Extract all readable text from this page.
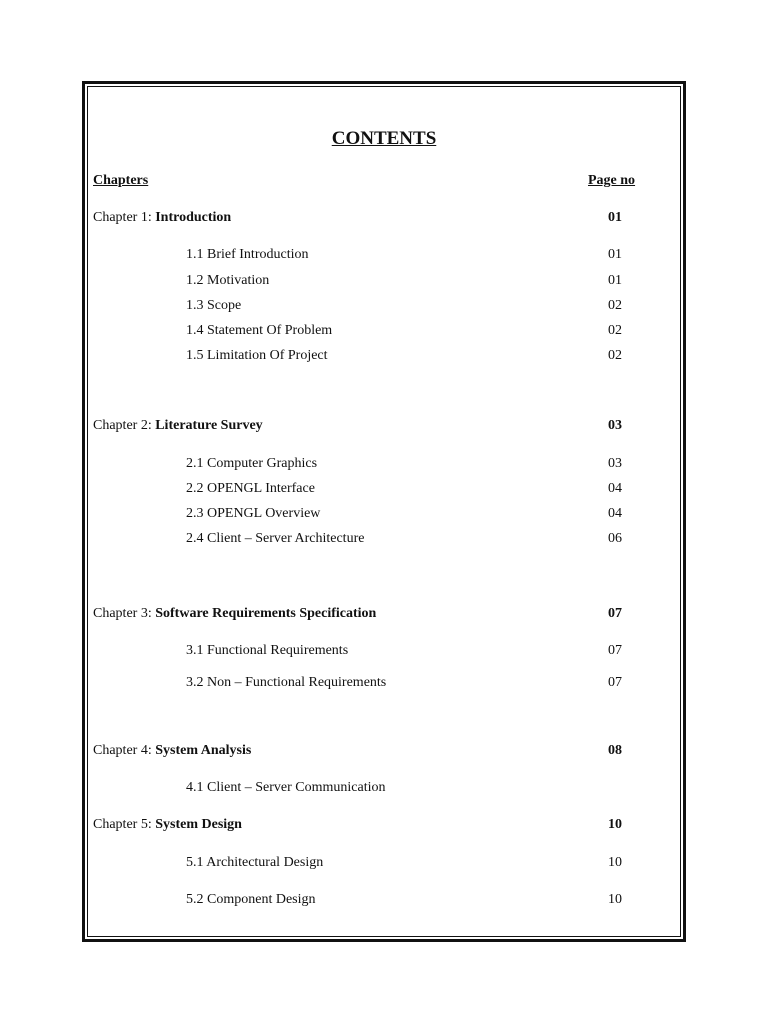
CONTENTS
Chapters	Page no
Chapter 1: Introduction	01
1.1 Brief Introduction	01
1.2 Motivation	01
1.3 Scope	02
1.4 Statement Of Problem	02
1.5 Limitation Of Project	02
Chapter 2: Literature Survey	03
2.1 Computer Graphics	03
2.2 OPENGL Interface	04
2.3 OPENGL Overview	04
2.4 Client – Server Architecture	06
Chapter 3: Software Requirements Specification	07
3.1 Functional Requirements	07
3.2 Non – Functional Requirements	07
Chapter 4: System Analysis	08
4.1 Client – Server Communication
Chapter 5: System Design	10
5.1 Architectural Design	10
5.2 Component Design	10
